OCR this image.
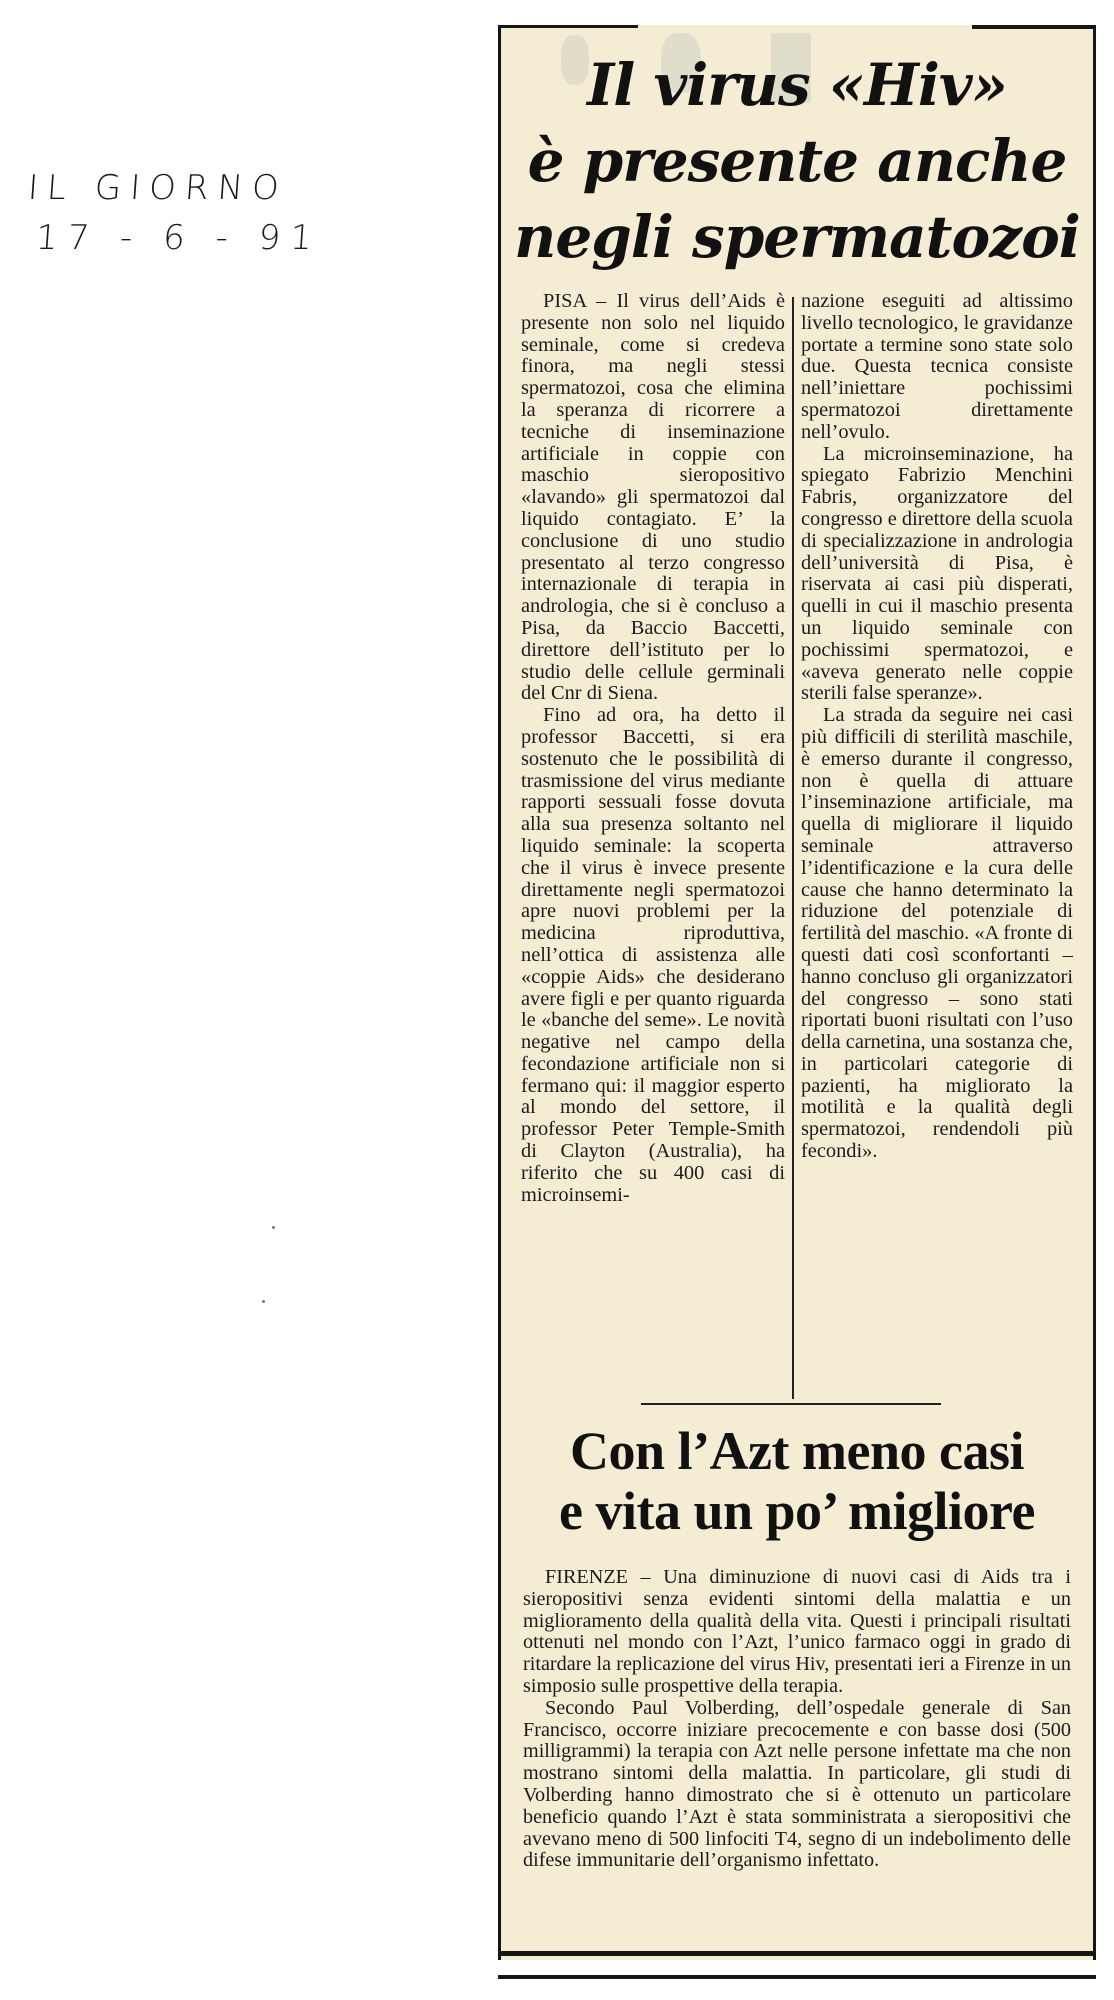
IL GIORNO
17 - 6 - 91
Il virus «Hiv»
è presente anche
negli spermatozoi

PISA – Il virus dell’Aids è presente non solo nel liquido seminale, come si credeva finora, ma negli stessi spermatozoi, cosa che elimina la speranza di ricorrere a tecniche di inseminazione artificiale in coppie con maschio sieropositivo «lavando» gli spermatozoi dal liquido contagiato. E’ la conclusione di uno studio presentato al terzo congresso internazionale di terapia in andrologia, che si è concluso a Pisa, da Baccio Baccetti, direttore dell’istituto per lo studio delle cellule germinali del Cnr di Siena.

Fino ad ora, ha detto il professor Baccetti, si era sostenuto che le possibilità di trasmissione del virus mediante rapporti sessuali fosse dovuta alla sua presenza soltanto nel liquido seminale: la scoperta che il virus è invece presente direttamente negli spermatozoi apre nuovi problemi per la medicina riproduttiva, nell’ottica di assistenza alle «coppie Aids» che desiderano avere figli e per quanto riguarda le «banche del seme». Le novità negative nel campo della fecondazione artificiale non si fermano qui: il maggior esperto al mondo del settore, il professor Peter Temple-Smith di Clayton (Australia), ha riferito che su 400 casi di microinsemi-

nazione eseguiti ad altissimo livello tecnologico, le gravidanze portate a termine sono state solo due. Questa tecnica consiste nell’iniettare pochissimi spermatozoi direttamente nell’ovulo.

La microinseminazione, ha spiegato Fabrizio Menchini Fabris, organizzatore del congresso e direttore della scuola di specializzazione in andrologia dell’università di Pisa, è riservata ai casi più disperati, quelli in cui il maschio presenta un liquido seminale con pochissimi spermatozoi, e «aveva generato nelle coppie sterili false speranze».

La strada da seguire nei casi più difficili di sterilità maschile, è emerso durante il congresso, non è quella di attuare l’inseminazione artificiale, ma quella di migliorare il liquido seminale attraverso l’identificazione e la cura delle cause che hanno determinato la riduzione del potenziale di fertilità del maschio. «A fronte di questi dati così sconfortanti – hanno concluso gli organizzatori del congresso – sono stati riportati buoni risultati con l’uso della carnetina, una sostanza che, in particolari categorie di pazienti, ha migliorato la motilità e la qualità degli spermatozoi, rendendoli più fecondi».

Con l’Azt meno casi
e vita un po’ migliore

FIRENZE – Una diminuzione di nuovi casi di Aids tra i sieropositivi senza evidenti sintomi della malattia e un miglioramento della qualità della vita. Questi i principali risultati ottenuti nel mondo con l’Azt, l’unico farmaco oggi in grado di ritardare la replicazione del virus Hiv, presentati ieri a Firenze in un simposio sulle prospettive della terapia.

Secondo Paul Volberding, dell’ospedale generale di San Francisco, occorre iniziare precocemente e con basse dosi (500 milligrammi) la terapia con Azt nelle persone infettate ma che non mostrano sintomi della malattia. In particolare, gli studi di Volberding hanno dimostrato che si è ottenuto un particolare beneficio quando l’Azt è stata somministrata a sieropositivi che avevano meno di 500 linfociti T4, segno di un indebolimento delle difese immunitarie dell’organismo infettato.
